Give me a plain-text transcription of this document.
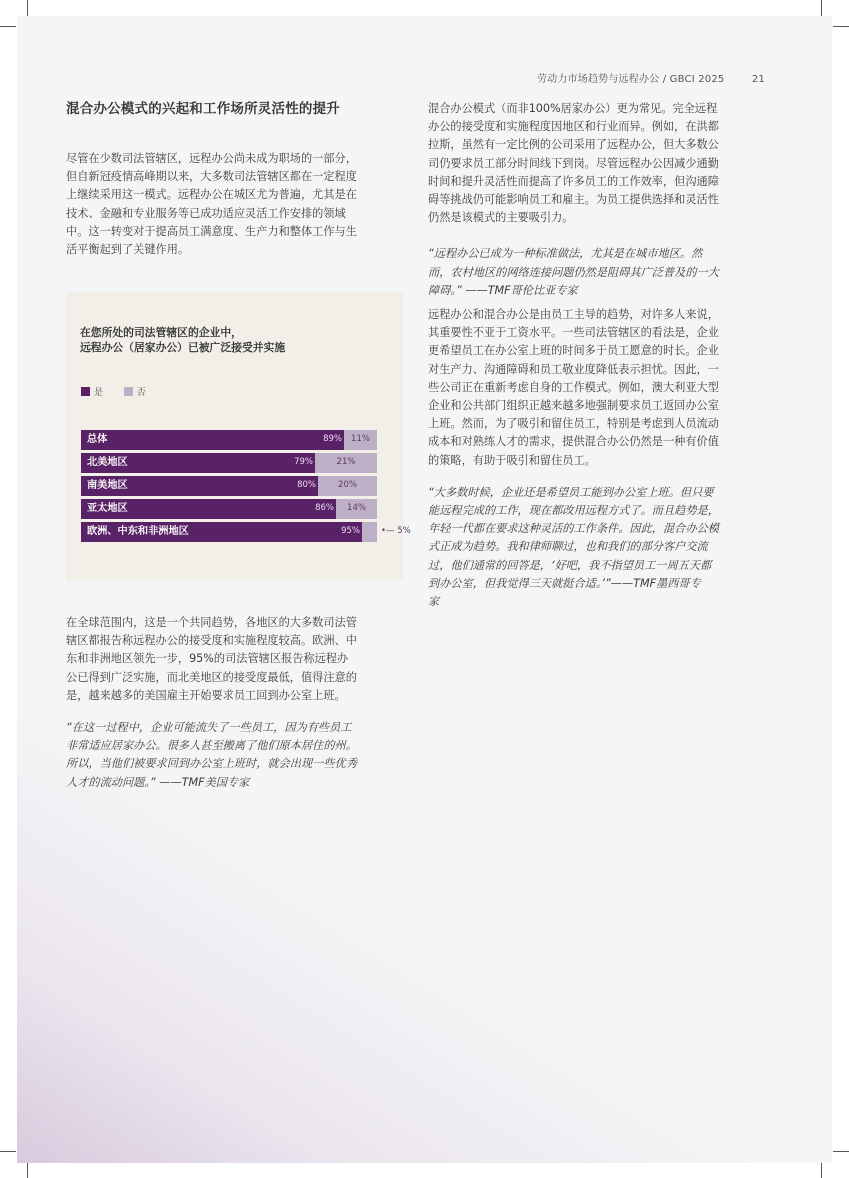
劳动力市场趋势与远程办公 / GBCI 2025	21
混合办公模式的兴起和工作场所灵活性的提升

尽管在少数司法管辖区，远程办公尚未成为职场的一部分，
但自新冠疫情高峰期以来，大多数司法管辖区都在一定程度
上继续采用这一模式。远程办公在城区尤为普遍，尤其是在
技术、金融和专业服务等已成功适应灵活工作安排的领域
中。这一转变对于提高员工满意度、生产力和整体工作与生
活平衡起到了关键作用。

在您所处的司法管辖区的企业中，
远程办公（居家办公）已被广泛接受并实施
是	否
总体	89%	11%
北美地区	79%	21%
南美地区	80%	20%
亚太地区	86%	14%
欧洲、中东和非洲地区	95% •— 5%

在全球范围内，这是一个共同趋势，各地区的大多数司法管
辖区都报告称远程办公的接受度和实施程度较高。欧洲、中
东和非洲地区领先一步，95%的司法管辖区报告称远程办
公已得到广泛实施，而北美地区的接受度最低，值得注意的
是，越来越多的美国雇主开始要求员工回到办公室上班。

“在这一过程中，企业可能流失了一些员工，因为有些员工
非常适应居家办公。很多人甚至搬离了他们原本居住的州。
所以，当他们被要求回到办公室上班时，就会出现一些优秀
人才的流动问题。” ——TMF美国专家

混合办公模式（而非100%居家办公）更为常见。完全远程
办公的接受度和实施程度因地区和行业而异。例如，在洪都
拉斯，虽然有一定比例的公司采用了远程办公，但大多数公
司仍要求员工部分时间线下到岗。尽管远程办公因减少通勤
时间和提升灵活性而提高了许多员工的工作效率，但沟通障
碍等挑战仍可能影响员工和雇主。为员工提供选择和灵活性
仍然是该模式的主要吸引力。

“远程办公已成为一种标准做法，尤其是在城市地区。然
而，农村地区的网络连接问题仍然是阻碍其广泛普及的一大
障碍。” ——TMF哥伦比亚专家

远程办公和混合办公是由员工主导的趋势，对许多人来说，
其重要性不亚于工资水平。一些司法管辖区的看法是，企业
更希望员工在办公室上班的时间多于员工愿意的时长。企业
对生产力、沟通障碍和员工敬业度降低表示担忧。因此，一
些公司正在重新考虑自身的工作模式。例如，澳大利亚大型
企业和公共部门组织正越来越多地强制要求员工返回办公室
上班。然而，为了吸引和留住员工，特别是考虑到人员流动
成本和对熟练人才的需求，提供混合办公仍然是一种有价值
的策略，有助于吸引和留住员工。

“大多数时候，企业还是希望员工能到办公室上班。但只要
能远程完成的工作，现在都改用远程方式了。而且趋势是，
年轻一代都在要求这种灵活的工作条件。因此，混合办公模
式正成为趋势。我和律师聊过，也和我们的部分客户交流
过，他们通常的回答是，‘好吧，我不指望员工一周五天都
到办公室，但我觉得三天就挺合适。’”——TMF墨西哥专
家
